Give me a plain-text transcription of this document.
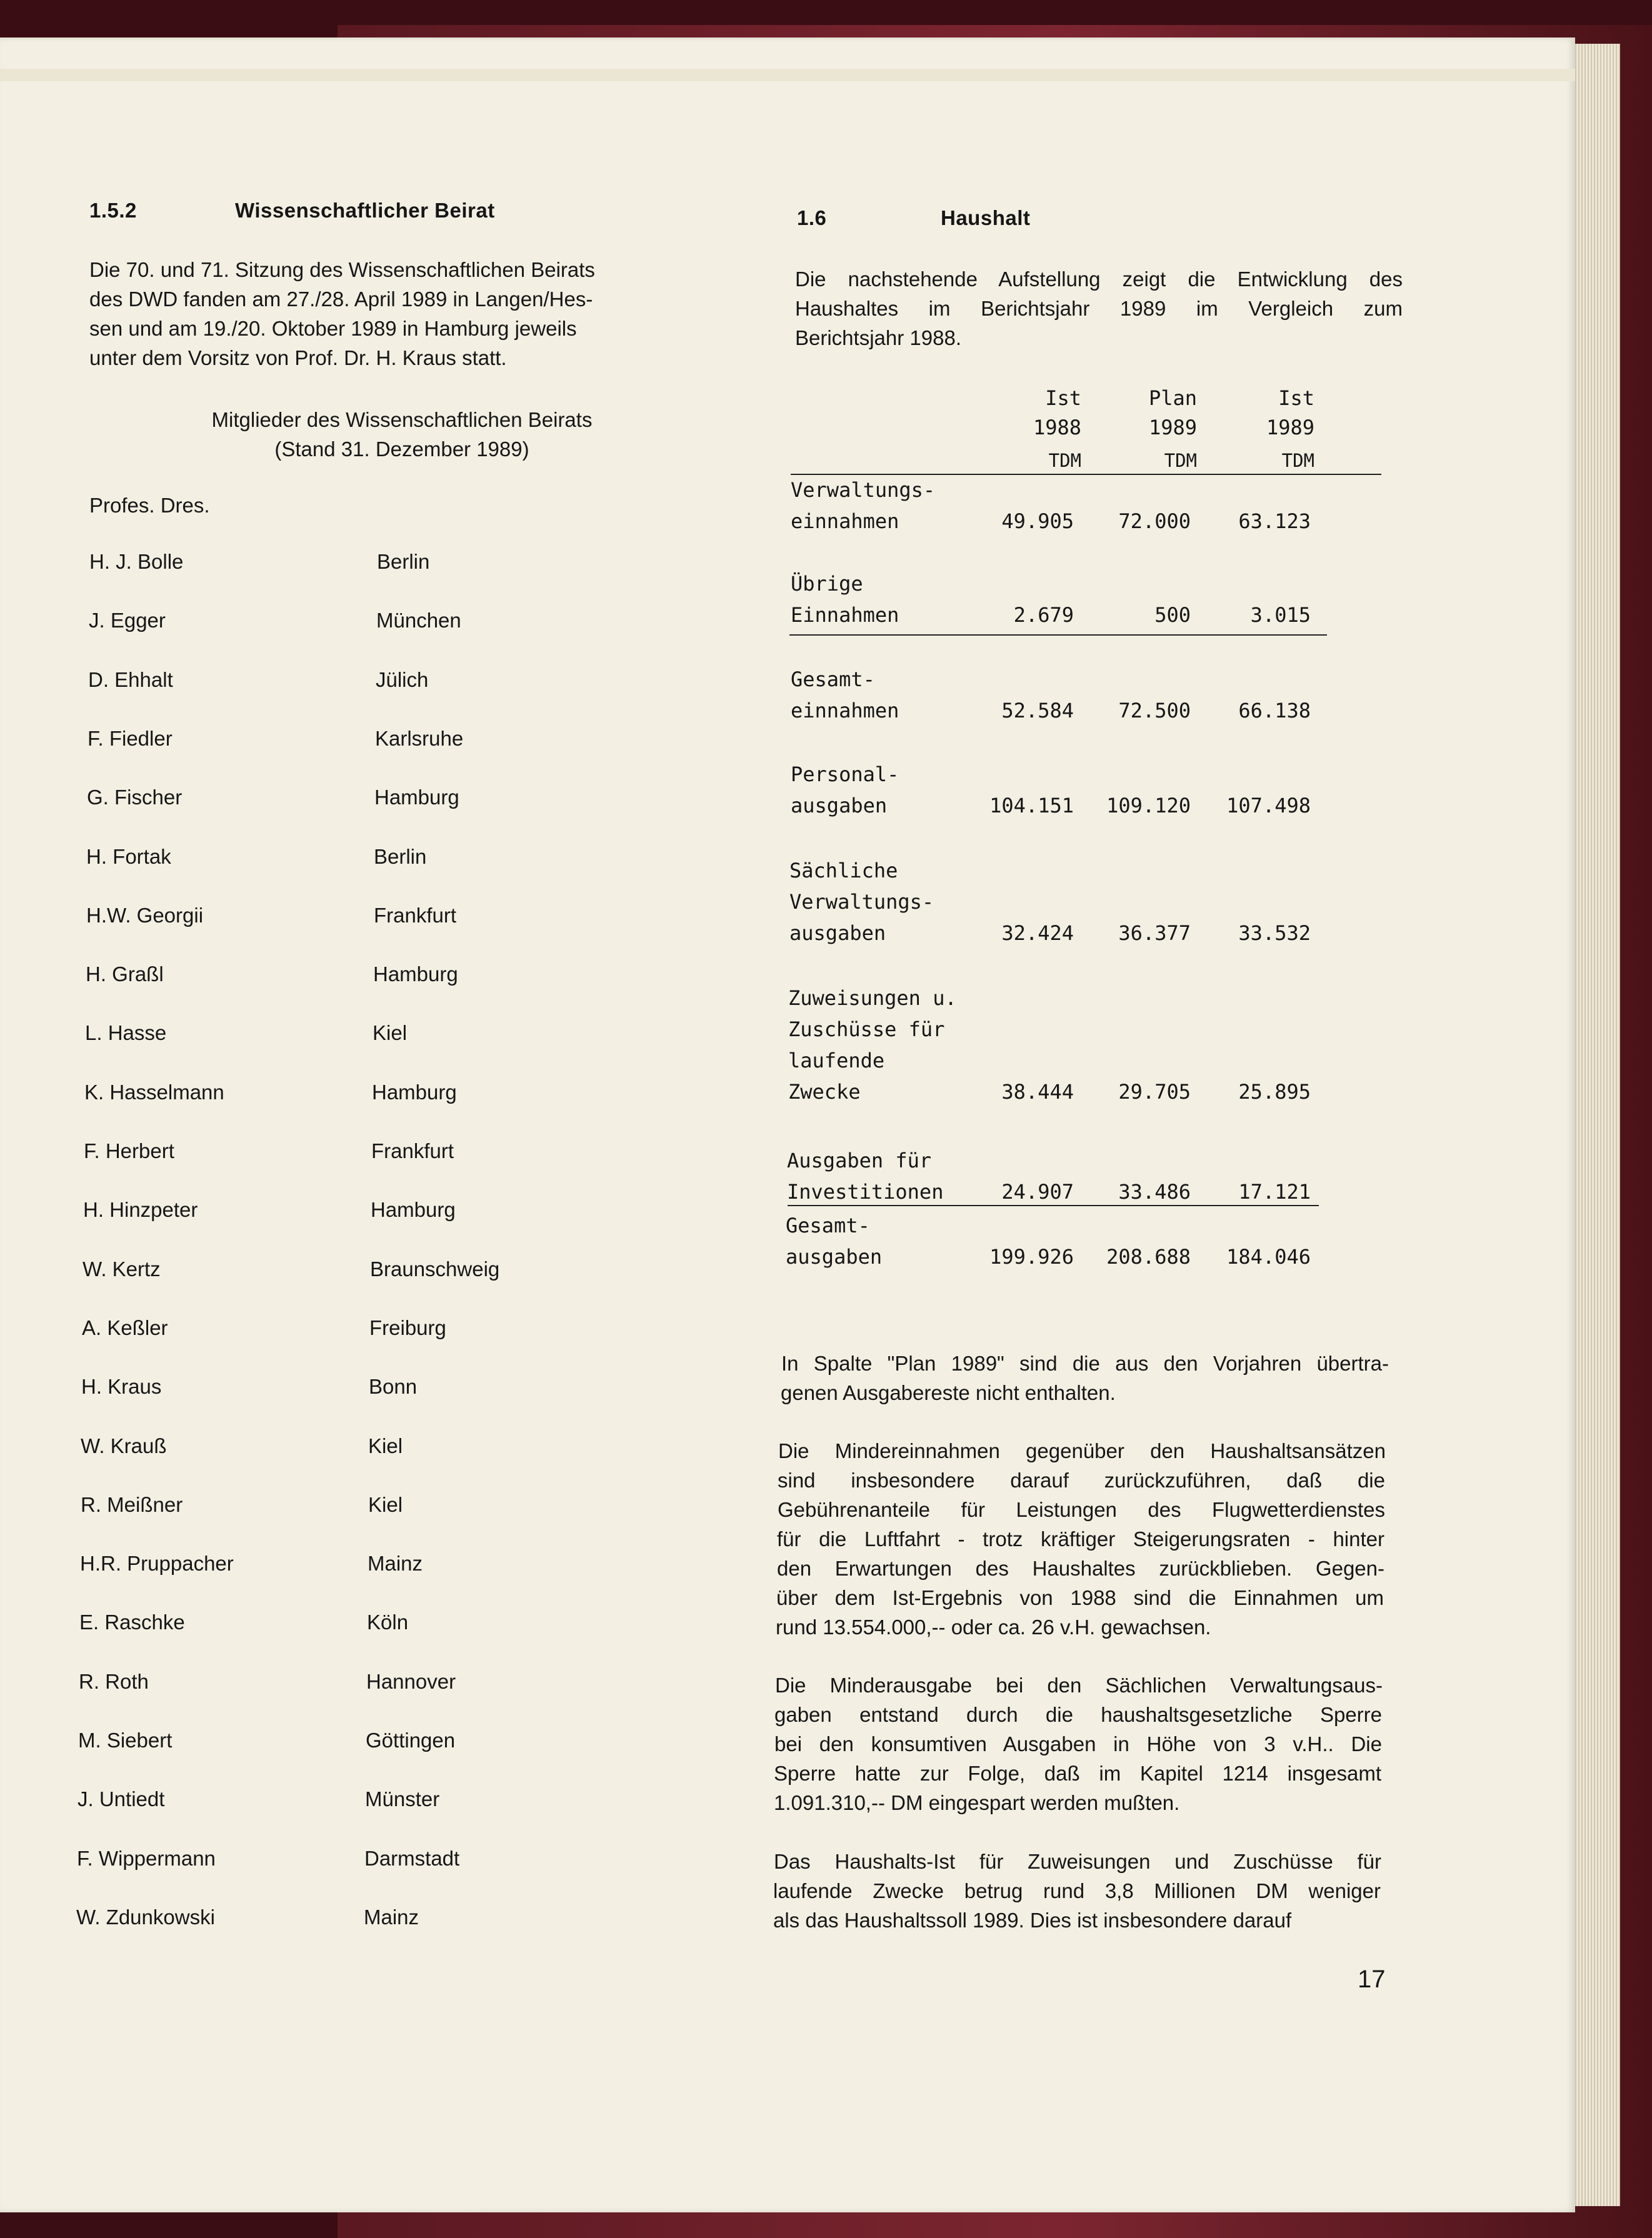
1.5.2	Wissenschaftlicher Beirat
Die 70. und 71. Sitzung des Wissenschaftlichen Beirats
des DWD fanden am 27./28. April 1989 in Langen/Hes-
sen und am 19./20. Oktober 1989 in Hamburg jeweils
unter dem Vorsitz von Prof. Dr. H. Kraus statt.
Mitglieder des Wissenschaftlichen Beirats
(Stand 31. Dezember 1989)
Profes. Dres.
H. J. Bolle	Berlin
J. Egger	München
D. Ehhalt	Jülich
F. Fiedler	Karlsruhe
G. Fischer	Hamburg
H. Fortak	Berlin
H.W. Georgii	Frankfurt
H. Graßl	Hamburg
L. Hasse	Kiel
K. Hasselmann	Hamburg
F. Herbert	Frankfurt
H. Hinzpeter	Hamburg
W. Kertz	Braunschweig
A. Keßler	Freiburg
H. Kraus	Bonn
W. Krauß	Kiel
R. Meißner	Kiel
H.R. Pruppacher	Mainz
E. Raschke	Köln
R. Roth	Hannover
M. Siebert	Göttingen
J. Untiedt	Münster
F. Wippermann	Darmstadt
W. Zdunkowski	Mainz
1.6	Haushalt
Die nachstehende Aufstellung zeigt die Entwicklung des
Haushaltes im Berichtsjahr 1989 im Vergleich zum
Berichtsjahr 1988.
Ist	Plan	Ist
1988	1989	1989
TDM	TDM	TDM
Verwaltungs-
einnahmen	49.905	72.000	63.123
Übrige
Einnahmen	2.679	500	3.015
Gesamt-
einnahmen	52.584	72.500	66.138
Personal-
ausgaben	104.151	109.120	107.498
Sächliche
Verwaltungs-
ausgaben	32.424	36.377	33.532
Zuweisungen u.
Zuschüsse für
laufende
Zwecke	38.444	29.705	25.895
Ausgaben für
Investitionen	24.907	33.486	17.121
Gesamt-
ausgaben	199.926	208.688	184.046
In Spalte "Plan 1989" sind die aus den Vorjahren übertra-
genen Ausgabereste nicht enthalten.
Die Mindereinnahmen gegenüber den Haushaltsansätzen
sind insbesondere darauf zurückzuführen, daß die
Gebührenanteile für Leistungen des Flugwetterdienstes
für die Luftfahrt - trotz kräftiger Steigerungsraten - hinter
den Erwartungen des Haushaltes zurückblieben. Gegen-
über dem Ist-Ergebnis von 1988 sind die Einnahmen um
rund 13.554.000,-- oder ca. 26 v.H. gewachsen.
Die Minderausgabe bei den Sächlichen Verwaltungsaus-
gaben entstand durch die haushaltsgesetzliche Sperre
bei den konsumtiven Ausgaben in Höhe von 3 v.H.. Die
Sperre hatte zur Folge, daß im Kapitel 1214 insgesamt
1.091.310,-- DM eingespart werden mußten.
Das Haushalts-Ist für Zuweisungen und Zuschüsse für
laufende Zwecke betrug rund 3,8 Millionen DM weniger
als das Haushaltssoll 1989. Dies ist insbesondere darauf
17
